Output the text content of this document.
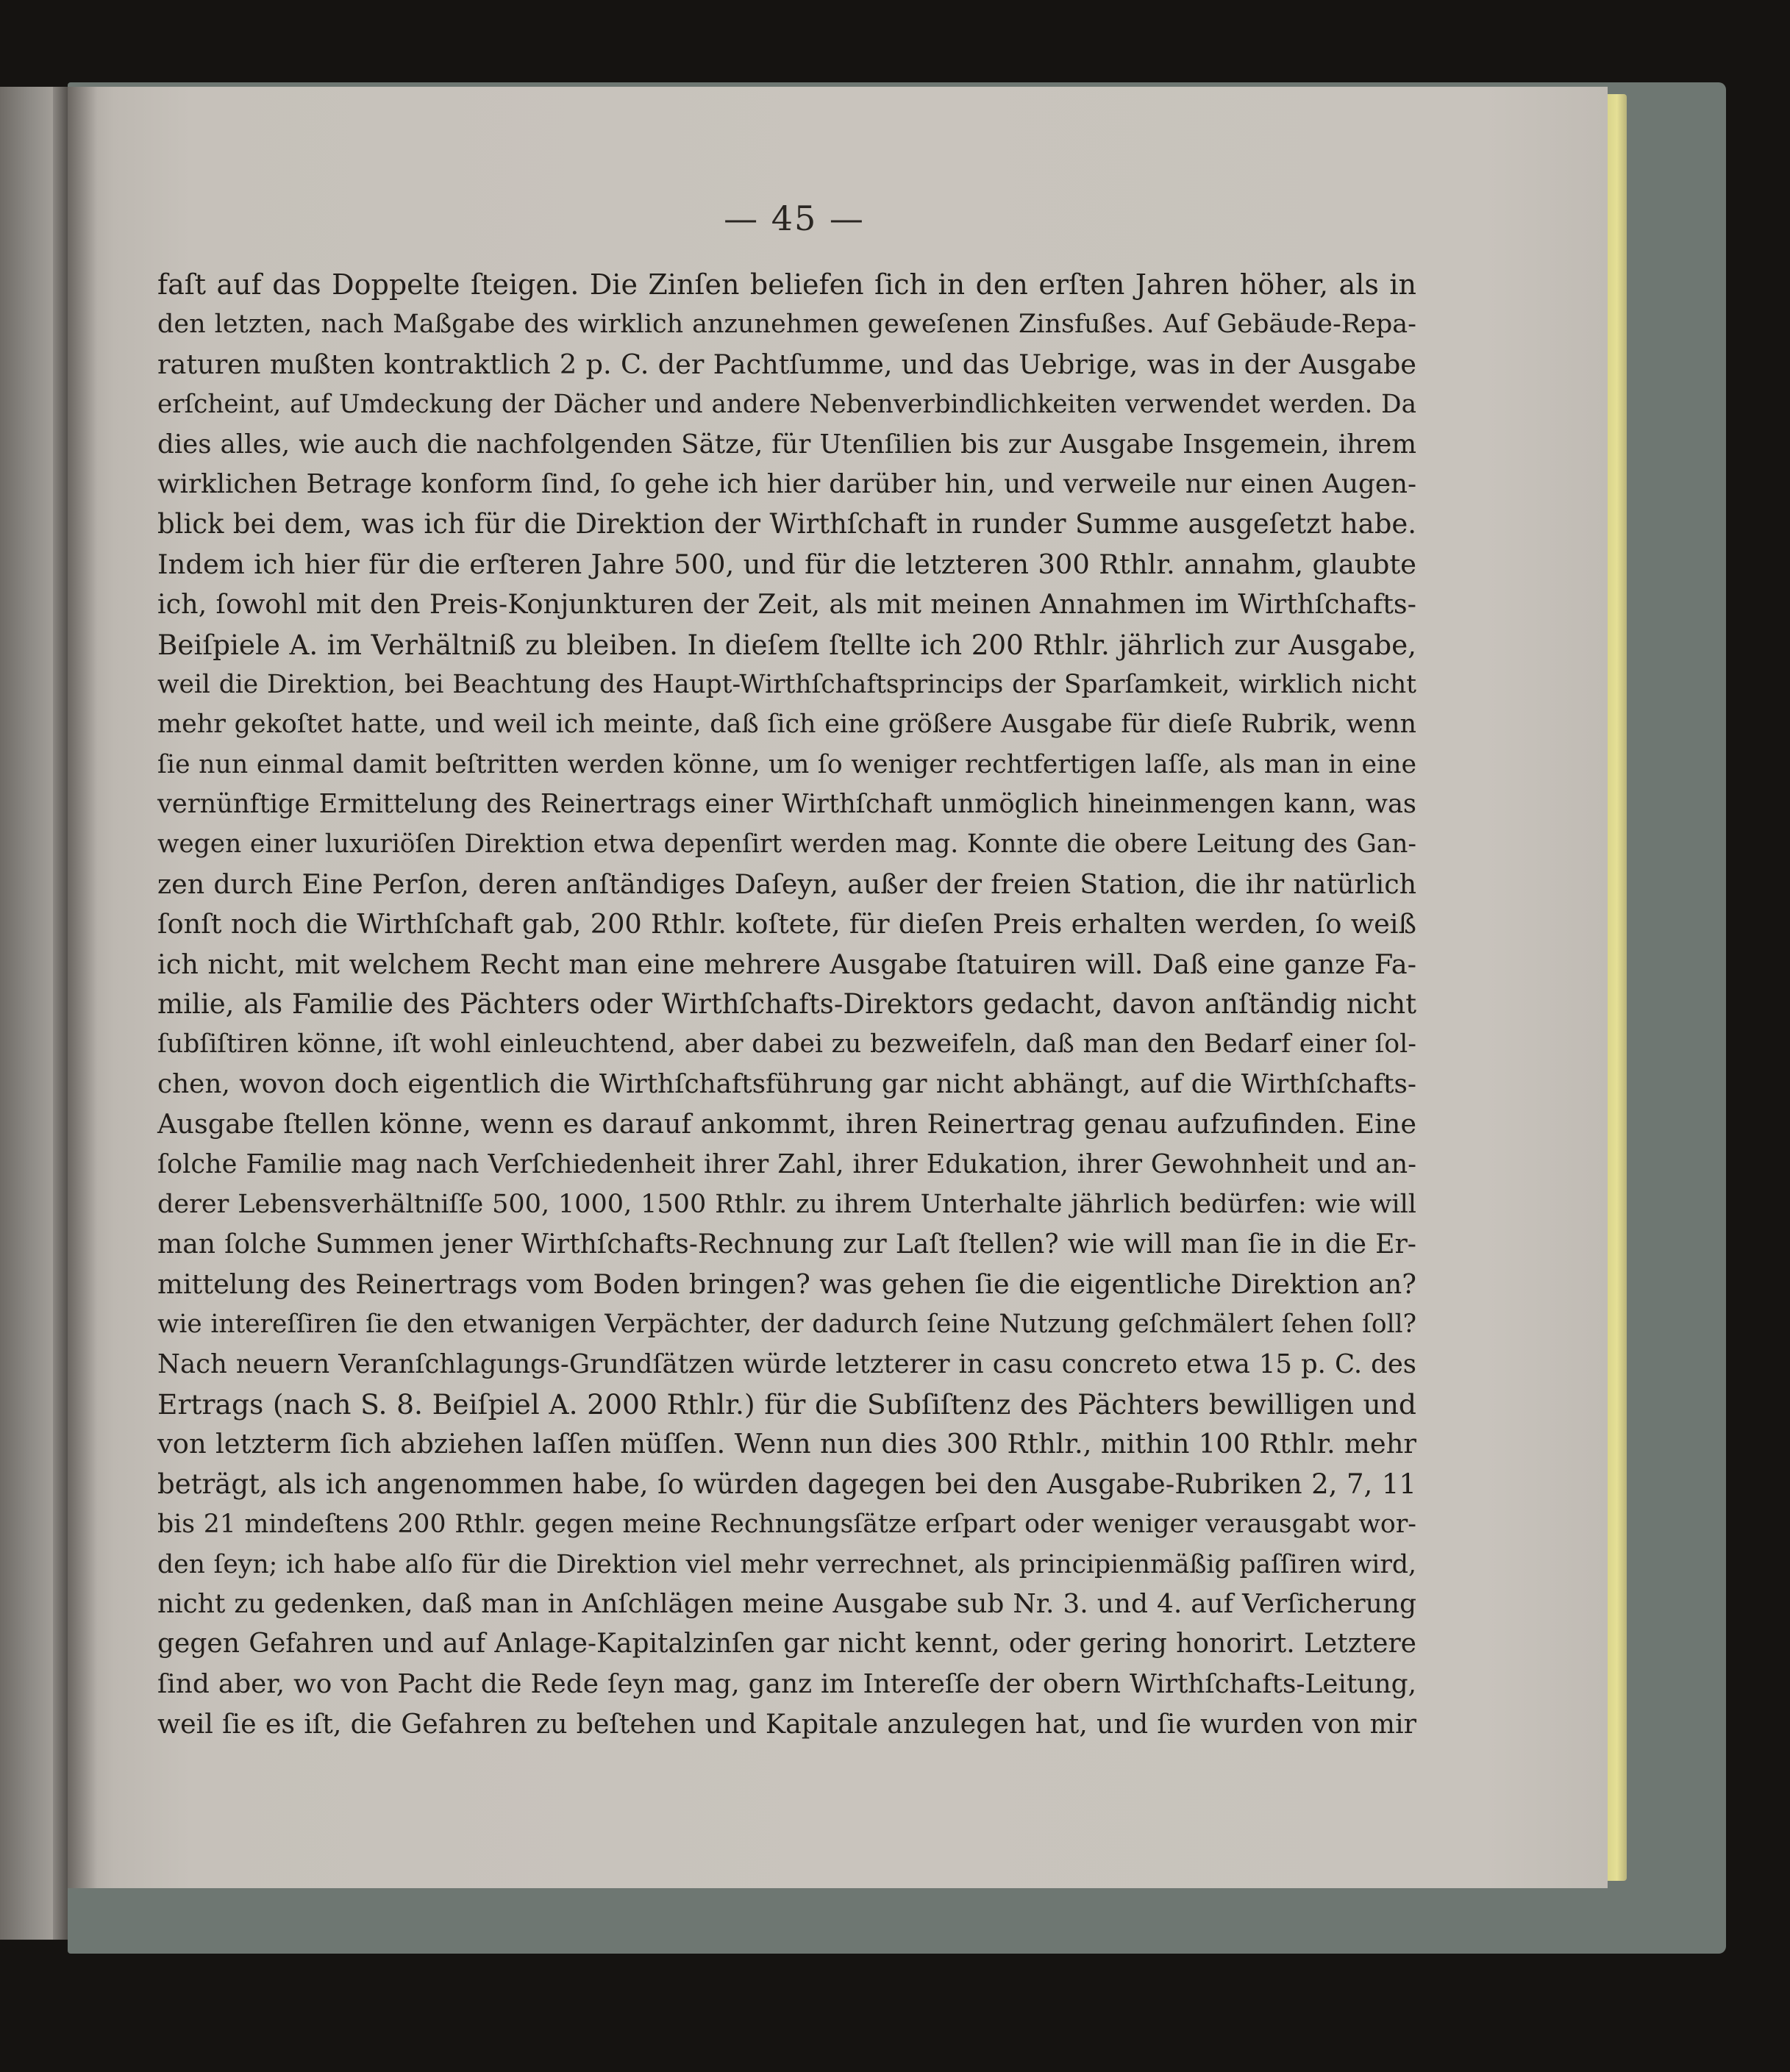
— 45 —
faſt auf das Doppelte ſteigen. Die Zinſen beliefen ſich in den erſten Jahren höher, als in
den letzten, nach Maßgabe des wirklich anzunehmen geweſenen Zinsfußes. Auf Gebäude-Repa-
raturen mußten kontraktlich 2 p. C. der Pachtſumme, und das Uebrige, was in der Ausgabe
erſcheint, auf Umdeckung der Dächer und andere Nebenverbindlichkeiten verwendet werden. Da
dies alles, wie auch die nachfolgenden Sätze, für Utenſilien bis zur Ausgabe Insgemein, ihrem
wirklichen Betrage konform ſind, ſo gehe ich hier darüber hin, und verweile nur einen Augen-
blick bei dem, was ich für die Direktion der Wirthſchaft in runder Summe ausgeſetzt habe.
Indem ich hier für die erſteren Jahre 500, und für die letzteren 300 Rthlr. annahm, glaubte
ich, ſowohl mit den Preis-Konjunkturen der Zeit, als mit meinen Annahmen im Wirthſchafts-
Beiſpiele A. im Verhältniß zu bleiben. In dieſem ſtellte ich 200 Rthlr. jährlich zur Ausgabe,
weil die Direktion, bei Beachtung des Haupt-Wirthſchaftsprincips der Sparſamkeit, wirklich nicht
mehr gekoſtet hatte, und weil ich meinte, daß ſich eine größere Ausgabe für dieſe Rubrik, wenn
ſie nun einmal damit beſtritten werden könne, um ſo weniger rechtfertigen laſſe, als man in eine
vernünftige Ermittelung des Reinertrags einer Wirthſchaft unmöglich hineinmengen kann, was
wegen einer luxuriöſen Direktion etwa depenſirt werden mag. Konnte die obere Leitung des Gan-
zen durch Eine Perſon, deren anſtändiges Daſeyn, außer der freien Station, die ihr natürlich
ſonſt noch die Wirthſchaft gab, 200 Rthlr. koſtete, für dieſen Preis erhalten werden, ſo weiß
ich nicht, mit welchem Recht man eine mehrere Ausgabe ſtatuiren will. Daß eine ganze Fa-
milie, als Familie des Pächters oder Wirthſchafts-Direktors gedacht, davon anſtändig nicht
ſubſiſtiren könne, iſt wohl einleuchtend, aber dabei zu bezweifeln, daß man den Bedarf einer ſol-
chen, wovon doch eigentlich die Wirthſchaftsführung gar nicht abhängt, auf die Wirthſchafts-
Ausgabe ſtellen könne, wenn es darauf ankommt, ihren Reinertrag genau aufzufinden. Eine
ſolche Familie mag nach Verſchiedenheit ihrer Zahl, ihrer Edukation, ihrer Gewohnheit und an-
derer Lebensverhältniſſe 500, 1000, 1500 Rthlr. zu ihrem Unterhalte jährlich bedürfen: wie will
man ſolche Summen jener Wirthſchafts-Rechnung zur Laſt ſtellen? wie will man ſie in die Er-
mittelung des Reinertrags vom Boden bringen? was gehen ſie die eigentliche Direktion an?
wie intereſſiren ſie den etwanigen Verpächter, der dadurch ſeine Nutzung geſchmälert ſehen ſoll?
Nach neuern Veranſchlagungs-Grundſätzen würde letzterer in casu concreto etwa 15 p. C. des
Ertrags (nach S. 8. Beiſpiel A. 2000 Rthlr.) für die Subſiſtenz des Pächters bewilligen und
von letzterm ſich abziehen laſſen müſſen. Wenn nun dies 300 Rthlr., mithin 100 Rthlr. mehr
beträgt, als ich angenommen habe, ſo würden dagegen bei den Ausgabe-Rubriken 2, 7, 11
bis 21 mindeſtens 200 Rthlr. gegen meine Rechnungsſätze erſpart oder weniger verausgabt wor-
den ſeyn; ich habe alſo für die Direktion viel mehr verrechnet, als principienmäßig paſſiren wird,
nicht zu gedenken, daß man in Anſchlägen meine Ausgabe sub Nr. 3. und 4. auf Verſicherung
gegen Gefahren und auf Anlage-Kapitalzinſen gar nicht kennt, oder gering honorirt. Letztere
ſind aber, wo von Pacht die Rede ſeyn mag, ganz im Intereſſe der obern Wirthſchafts-Leitung,
weil ſie es iſt, die Gefahren zu beſtehen und Kapitale anzulegen hat, und ſie wurden von mir
